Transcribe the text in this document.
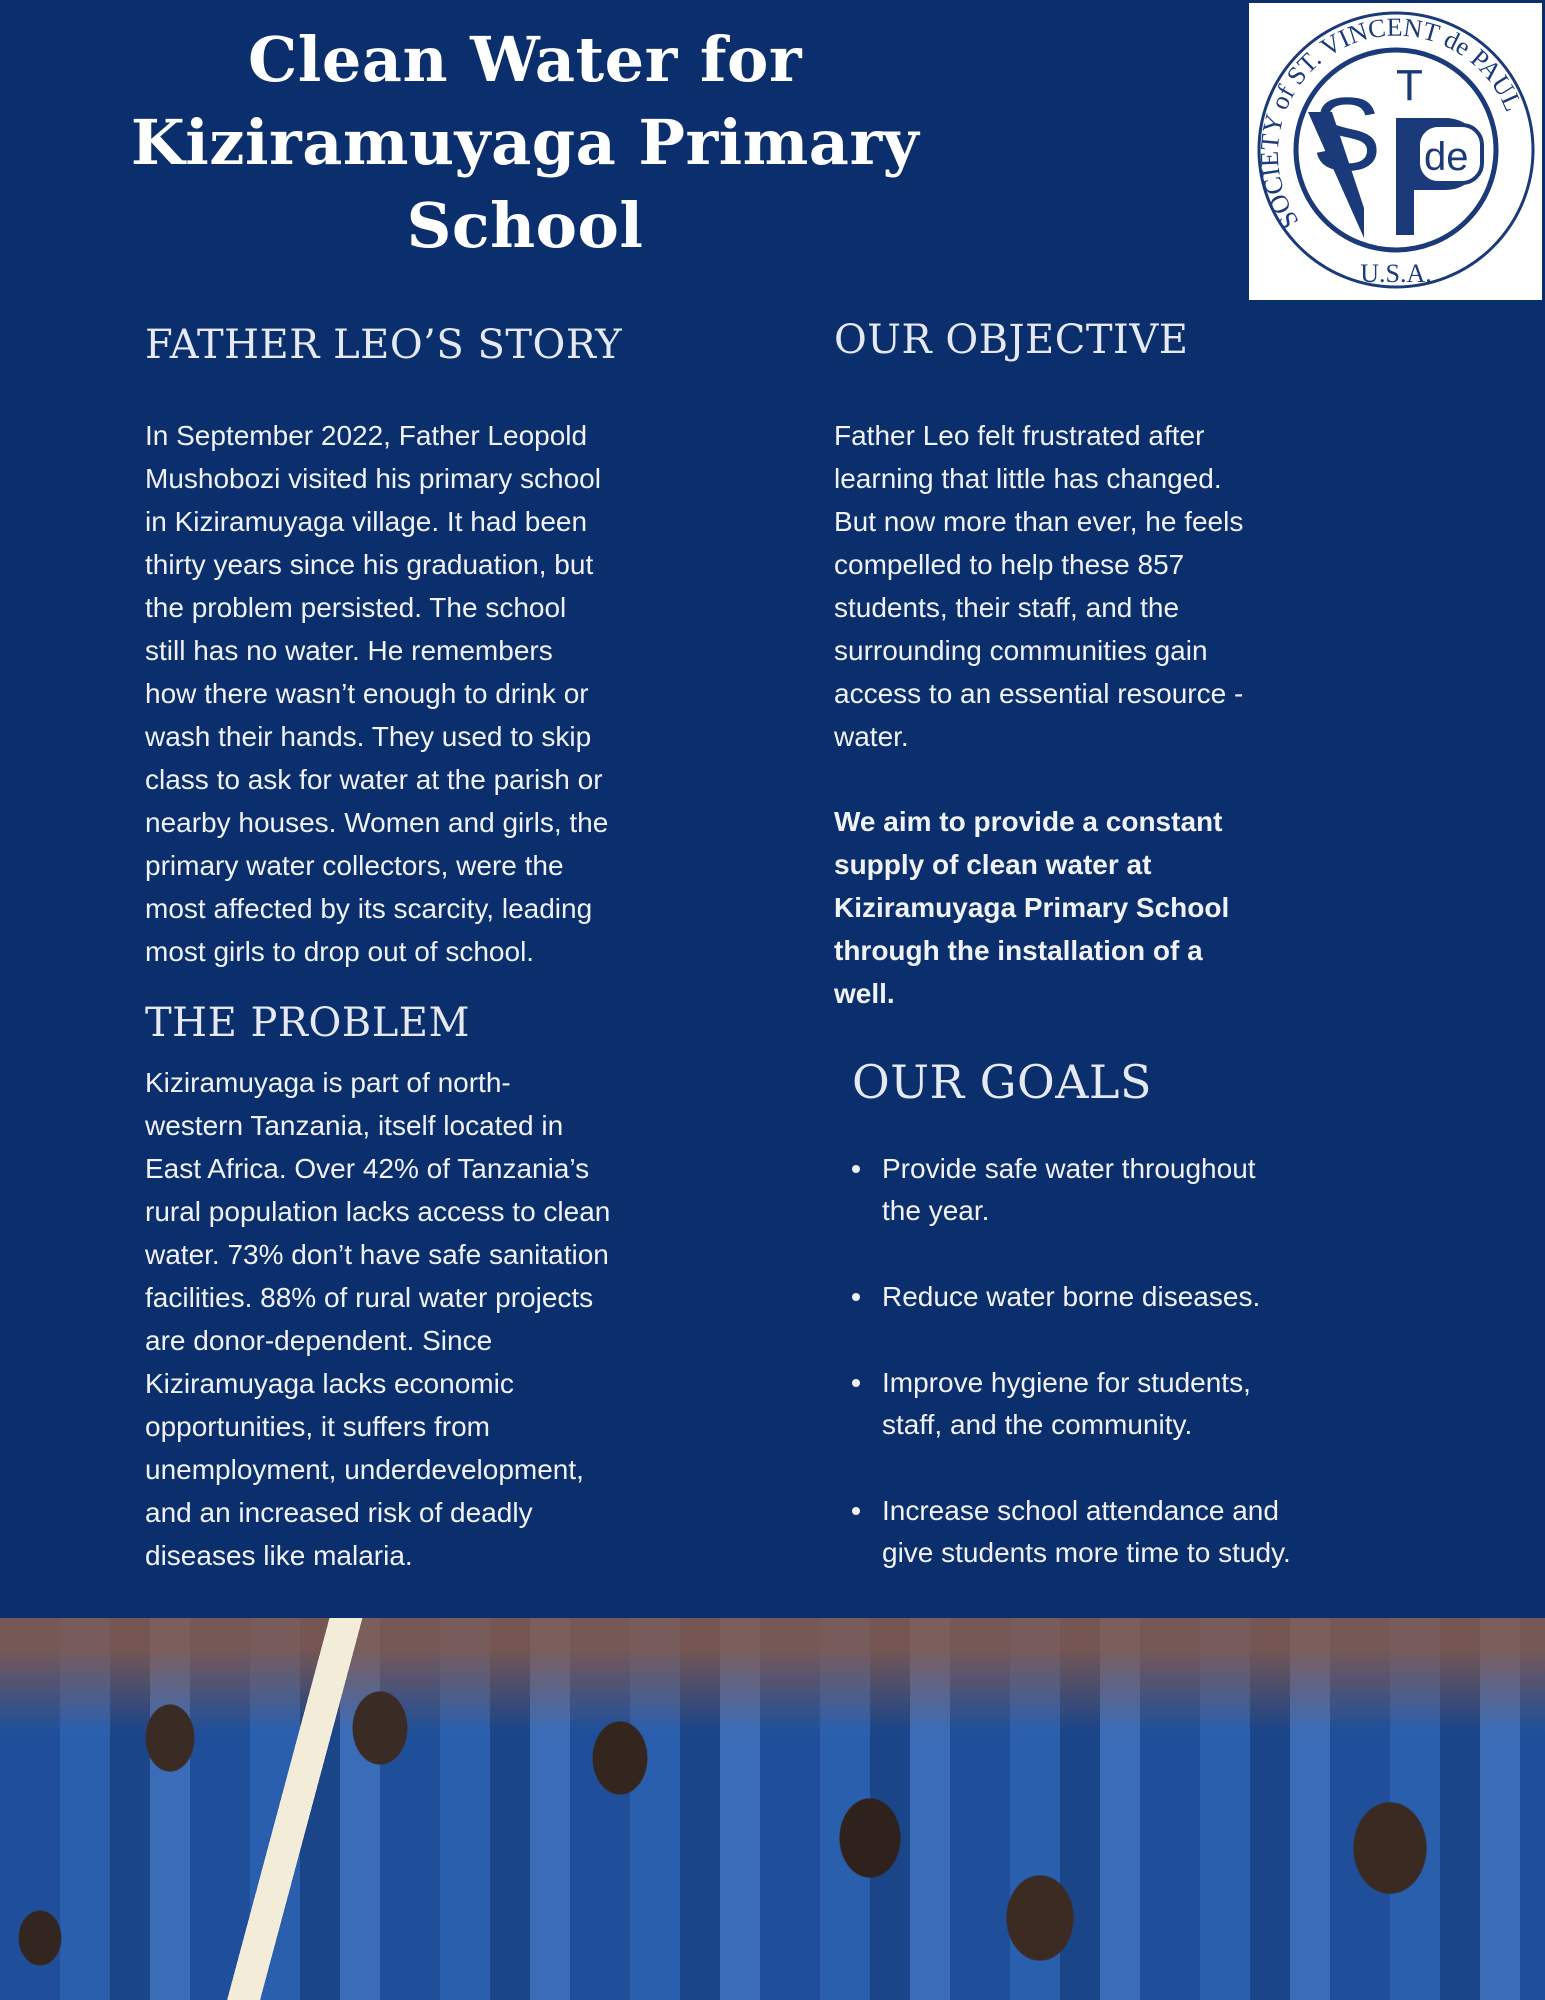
Clean Water for
Kiziramuyaga Primary
School	SOCIETY of ST. VINCENT de PAUL
U.S.A.
S T
de
FATHER LEO’S STORY
In September 2022, Father Leopold
Mushobozi visited his primary school
in Kiziramuyaga village. It had been
thirty years since his graduation, but
the problem persisted. The school
still has no water. He remembers
how there wasn’t enough to drink or
wash their hands. They used to skip
class to ask for water at the parish or
nearby houses. Women and girls, the
primary water collectors, were the
most affected by its scarcity, leading
most girls to drop out of school.
THE PROBLEM
Kiziramuyaga is part of north-
western Tanzania, itself located in
East Africa. Over 42% of Tanzania’s
rural population lacks access to clean
water. 73% don’t have safe sanitation
facilities. 88% of rural water projects
are donor-dependent. Since
Kiziramuyaga lacks economic
opportunities, it suffers from
unemployment, underdevelopment,
and an increased risk of deadly
diseases like malaria.
OUR OBJECTIVE
Father Leo felt frustrated after
learning that little has changed.
But now more than ever, he feels
compelled to help these 857
students, their staff, and the
surrounding communities gain
access to an essential resource -
water.
We aim to provide a constant
supply of clean water at
Kiziramuyaga Primary School
through the installation of a
well.
OUR GOALS
Provide safe water throughout
the year.
Reduce water borne diseases.
Improve hygiene for students,
staff, and the community.
Increase school attendance and
give students more time to study.
